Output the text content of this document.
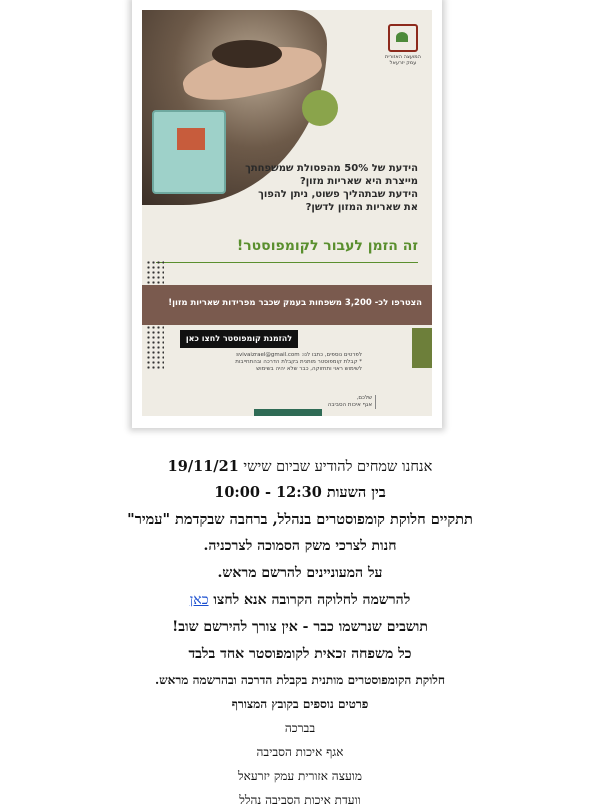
המועצה האזורית עמק יזרעאל
הידעת של 50% מהפסולת שמשפחתך
מייצרת היא שאריות מזון?
הידעת שבתהליך פשוט, ניתן להפוך
את שאריות המזון לדשן?
זה הזמן לעבור לקומפוסטר!
הצטרפו לכ- 3,200 משפחות בעמק שכבר מפרידות שאריות מזון!
להזמנת קומפוסטר לחצו כאן
לפרטים נוספים, כתבו לנו: svivaizrael@gmail.com
* קבלת קומפוסטר מותנית בקבלת הדרכה ובהתחייבות
לשימוש ראוי ותחזוקה, כבר שלא יהיה בשימוש
שלכם,
אגף איכות הסביבה

אנחנו שמחים להודיע שביום שישי 19/11/21

בין השעות 12:30 - 10:00

תתקיים חלוקת קומפוסטרים בנהלל, ברחבה שבקדמת "עמיר"

חנות לצרכי משק הסמוכה לצרכניה.

על המעוניינים להרשם מראש.

להרשמה לחלוקה הקרובה אנא לחצו כאן

תושבים שנרשמו כבר - אין צורך להירשם שוב!

כל משפחה זכאית לקומפוסטר אחד בלבד

חלוקת הקומפוסטרים מותנית בקבלת הדרכה ובהרשמה מראש.

פרטים נוספים בקובץ המצורף

בברכה

אגף איכות הסביבה

מועצה אזורית עמק יזרעאל

וועדת איכות הסביבה נהלל
